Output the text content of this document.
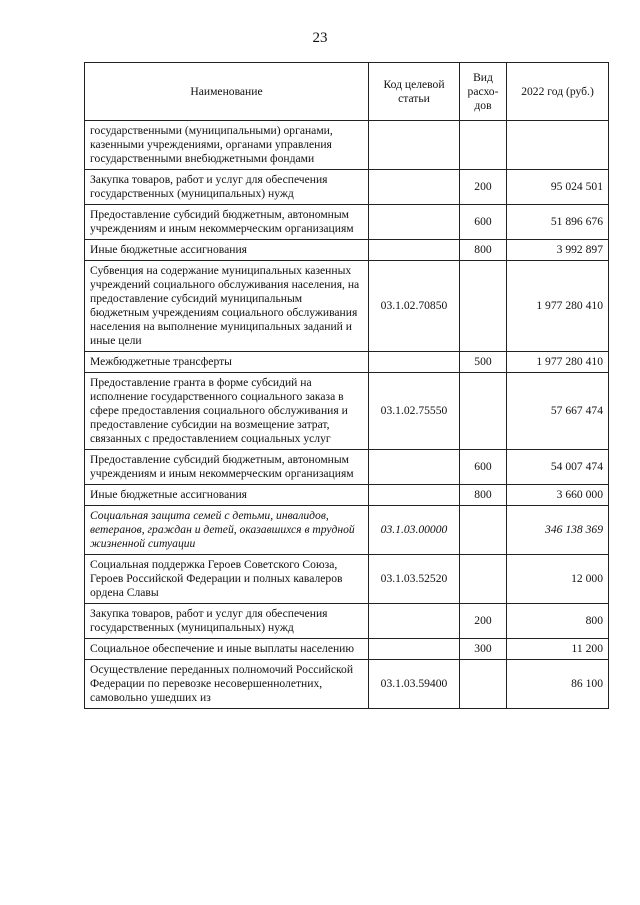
23
Наименование	Код целевой статьи	Вид расхо-дов	2022 год (руб.)
государственными (муниципальными) органами, казенными учреждениями, органами управления государственными внебюджетными фондами			
Закупка товаров, работ и услуг для обеспечения государственных (муниципальных) нужд		200	95 024 501
Предоставление субсидий бюджетным, автономным учреждениям и иным некоммерческим организациям		600	51 896 676
Иные бюджетные ассигнования		800	3 992 897
Субвенция на содержание муниципальных казенных учреждений социального обслуживания населения, на предоставление субсидий муниципальным бюджетным учреждениям социального обслуживания населения на выполнение муниципальных заданий и иные цели	03.1.02.70850		1 977 280 410
Межбюджетные трансферты		500	1 977 280 410
Предоставление гранта в форме субсидий на исполнение государственного социального заказа в сфере предоставления социального обслуживания и предоставление субсидии на возмещение затрат, связанных с предоставлением социальных услуг	03.1.02.75550		57 667 474
Предоставление субсидий бюджетным, автономным учреждениям и иным некоммерческим организациям		600	54 007 474
Иные бюджетные ассигнования		800	3 660 000
Социальная защита семей с детьми, инвалидов, ветеранов, граждан и детей, оказавшихся в трудной жизненной ситуации	03.1.03.00000		346 138 369
Социальная поддержка Героев Советского Союза, Героев Российской Федерации и полных кавалеров ордена Славы	03.1.03.52520		12 000
Закупка товаров, работ и услуг для обеспечения государственных (муниципальных) нужд		200	800
Социальное обеспечение и иные выплаты населению		300	11 200
Осуществление переданных полномочий Российской Федерации по перевозке несовершеннолетних, самовольно ушедших из	03.1.03.59400		86 100
